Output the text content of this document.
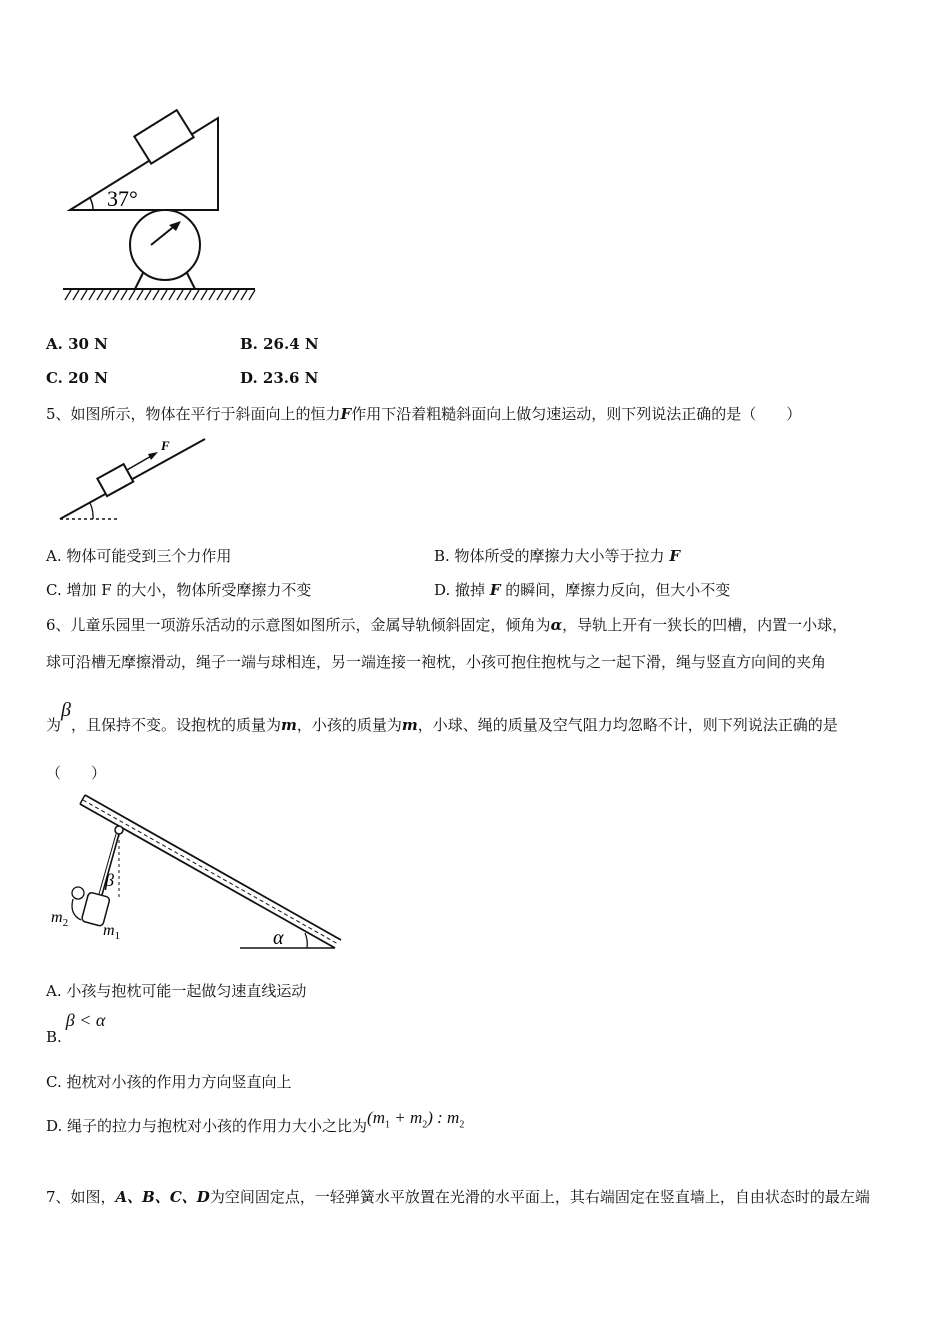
37°
A. 30 N	B. 26.4 N
C. 20 N	D. 23.6 N
5、如图所示，物体在平行于斜面向上的恒力F作用下沿着粗糙斜面向上做匀速运动，则下列说法正确的是（　　）
F
A. 物体可能受到三个力作用	B. 物体所受的摩擦力大小等于拉力 F
C. 增加 F 的大小，物体所受摩擦力不变	D. 撤掉 F 的瞬间，摩擦力反向，但大小不变
6、儿童乐园里一项游乐活动的示意图如图所示，金属导轨倾斜固定，倾角为α，导轨上开有一狭长的凹槽，内置一小球，
球可沿槽无摩擦滑动，绳子一端与球相连，另一端连接一袍枕，小孩可抱住抱枕与之一起下滑，绳与竖直方向间的夹角
为β，且保持不变。设抱枕的质量为m，小孩的质量为m，小球、绳的质量及空气阻力均忽略不计，则下列说法正确的是
（　　）
α
β
$m_2$ $m_1$
A. 小孩与抱枕可能一起做匀速直线运动
B.β < α
C. 抱枕对小孩的作用力方向竖直向上
D. 绳子的拉力与抱枕对小孩的作用力大小之比为$(m_1 + m_2)$ : $m_2$
7、如图，A、B、C、D为空间固定点，一轻弹簧水平放置在光滑的水平面上，其右端固定在竖直墙上，自由状态时的最左端
